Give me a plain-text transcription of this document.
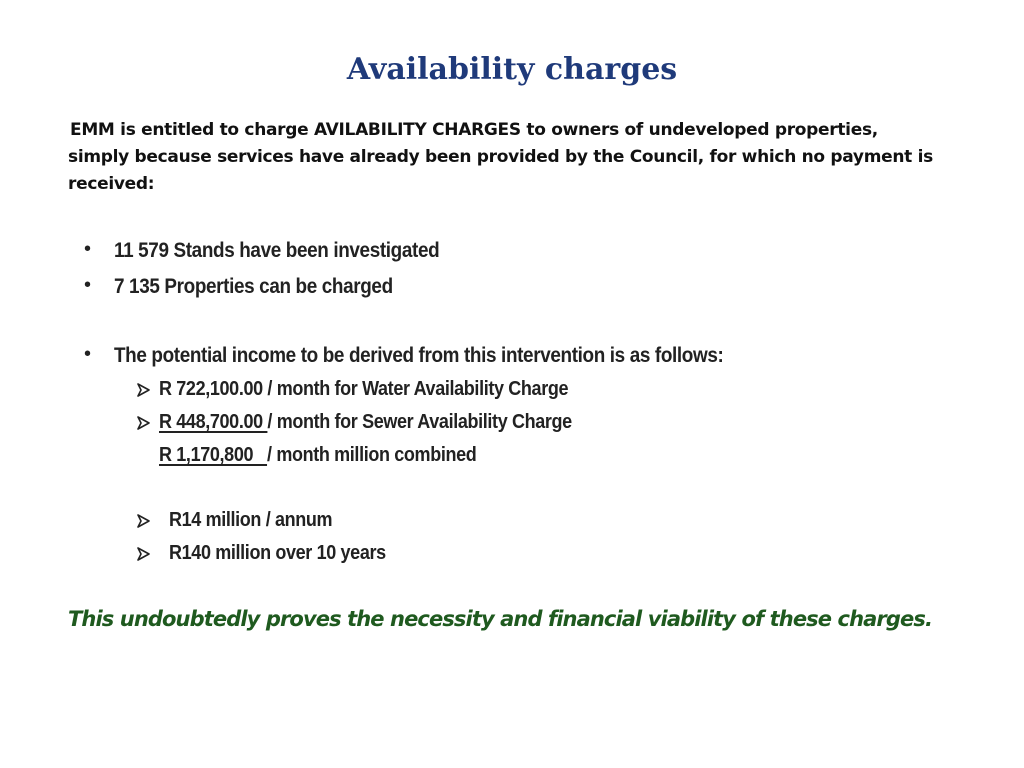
Availability charges
EMM is entitled to charge AVILABILITY CHARGES to owners of undeveloped properties,
simply because services have already been provided by the Council, for which no payment is
received:
• 11 579 Stands have been investigated
• 7 135 Properties can be charged
• The potential income to be derived from this intervention is as follows:
R 722,100.00 / month for Water Availability Charge
R 448,700.00 / month for Sewer Availability Charge
R 1,170,800   / month million combined
R14 million / annum
R140 million over 10 years
This undoubtedly proves the necessity and financial viability of these charges.
